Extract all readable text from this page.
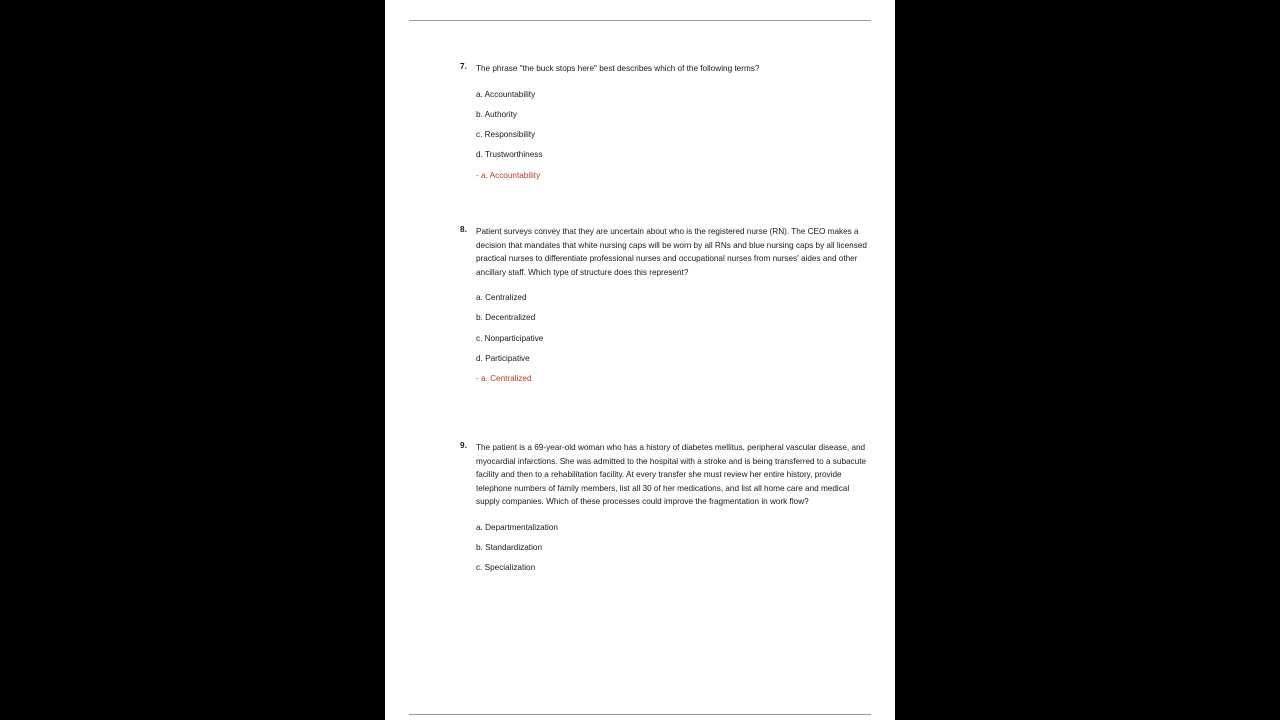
7. The phrase "the buck stops here" best describes which of the following terms?
a. Accountability
b. Authority
c. Responsibility
d. Trustworthiness
- a. Accountability
8. Patient surveys convey that they are uncertain about who is the registered nurse (RN). The CEO makes a decision that mandates that white nursing caps will be worn by all RNs and blue nursing caps by all licensed practical nurses to differentiate professional nurses and occupational nurses from nurses' aides and other ancillary staff. Which type of structure does this represent?
a. Centralized
b. Decentralized
c. Nonparticipative
d. Participative
- a. Centralized
9. The patient is a 69-year-old woman who has a history of diabetes mellitus, peripheral vascular disease, and myocardial infarctions. She was admitted to the hospital with a stroke and is being transferred to a subacute facility and then to a rehabilitation facility. At every transfer she must review her entire history, provide telephone numbers of family members, list all 30 of her medications, and list all home care and medical supply companies. Which of these processes could improve the fragmentation in work flow?
a. Departmentalization
b. Standardization
c. Specialization
